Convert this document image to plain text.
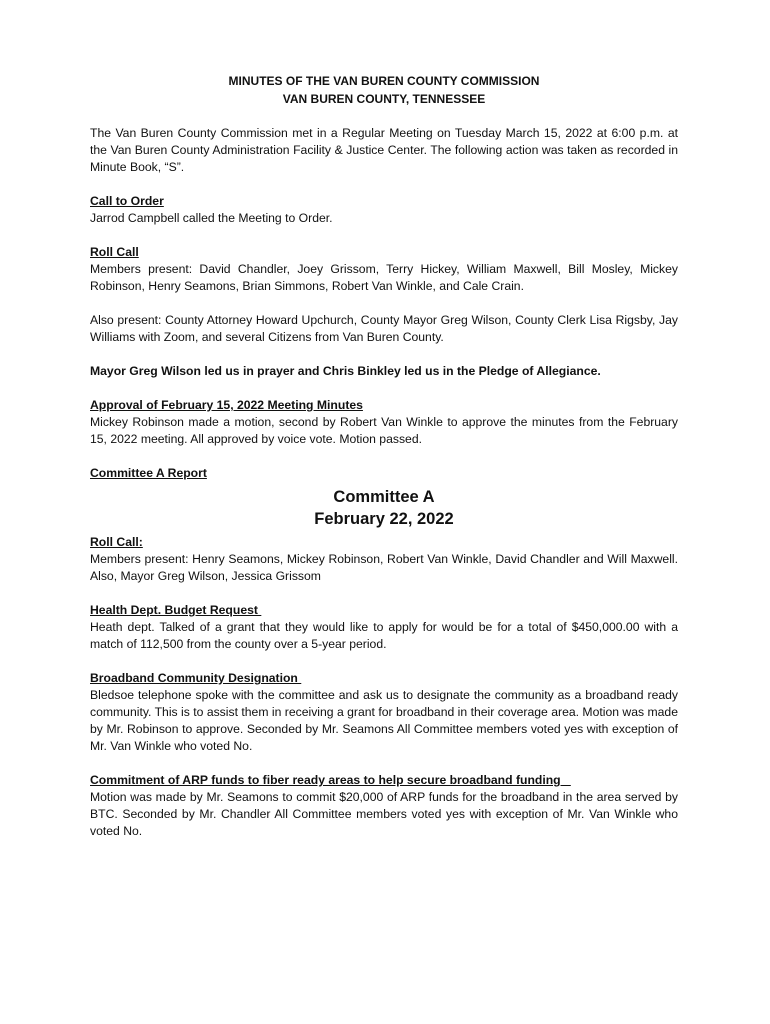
MINUTES OF THE VAN BUREN COUNTY COMMISSION
VAN BUREN COUNTY, TENNESSEE

The Van Buren County Commission met in a Regular Meeting on Tuesday March 15, 2022 at 6:00 p.m. at the Van Buren County Administration Facility & Justice Center. The following action was taken as recorded in Minute Book, “S”.

Call to Order

Jarrod Campbell called the Meeting to Order.

Roll Call

Members present: David Chandler, Joey Grissom, Terry Hickey, William Maxwell, Bill Mosley, Mickey Robinson, Henry Seamons, Brian Simmons, Robert Van Winkle, and Cale Crain.

Also present: County Attorney Howard Upchurch, County Mayor Greg Wilson, County Clerk Lisa Rigsby, Jay Williams with Zoom, and several Citizens from Van Buren County.

Mayor Greg Wilson led us in prayer and Chris Binkley led us in the Pledge of Allegiance.

Approval of February 15, 2022 Meeting Minutes

Mickey Robinson made a motion, second by Robert Van Winkle to approve the minutes from the February 15, 2022 meeting. All approved by voice vote. Motion passed.

Committee A Report

Committee A
February 22, 2022

Roll Call:

Members present: Henry Seamons, Mickey Robinson, Robert Van Winkle, David Chandler and Will Maxwell. Also, Mayor Greg Wilson, Jessica Grissom

Health Dept. Budget Request

Heath dept. Talked of a grant that they would like to apply for would be for a total of $450,000.00 with a match of 112,500 from the county over a 5-year period.

Broadband Community Designation

Bledsoe telephone spoke with the committee and ask us to designate the community as a broadband ready community. This is to assist them in receiving a grant for broadband in their coverage area. Motion was made by Mr. Robinson to approve. Seconded by Mr. Seamons All Committee members voted yes with exception of Mr. Van Winkle who voted No.

Commitment of ARP funds to fiber ready areas to help secure broadband funding

Motion was made by Mr. Seamons to commit $20,000 of ARP funds for the broadband in the area served by BTC. Seconded by Mr. Chandler All Committee members voted yes with exception of Mr. Van Winkle who voted No.
